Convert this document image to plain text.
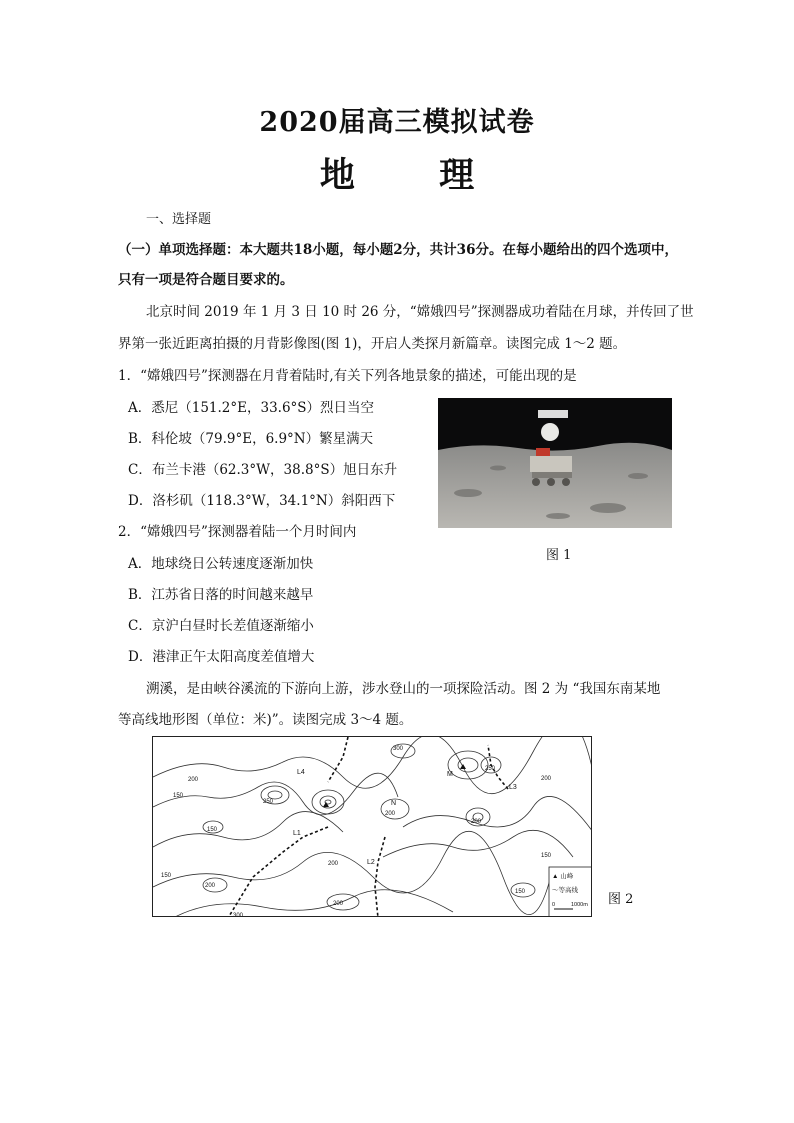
2020届高三模拟试卷
地 理
一、选择题
（一）单项选择题：本大题共18小题，每小题2分，共计36分。在每小题给出的四个选项中，
只有一项是符合题目要求的。
北京时间 2019 年 1 月 3 日 10 时 26 分，“嫦娥四号”探测器成功着陆在月球，并传回了世
界第一张近距离拍摄的月背影像图(图 1)，开启人类探月新篇章。读图完成 1～2 题。
1．“嫦娥四号”探测器在月背着陆时,有关下列各地景象的描述，可能出现的是
A．悉尼（151.2°E，33.6°S）烈日当空
B．科伦坡（79.9°E，6.9°N）繁星满天
C．布兰卡港（62.3°W，38.8°S）旭日东升
D．洛杉矶（118.3°W，34.1°N）斜阳西下
2．“嫦娥四号”探测器着陆一个月时间内
A．地球绕日公转速度逐渐加快
B．江苏省日落的时间越来越早
C．京沪白昼时长差值逐渐缩小
D．港津正午太阳高度差值增大
图 1
溯溪，是由峡谷溪流的下游向上游，涉水登山的一项探险活动。图 2 为 “我国东南某地
等高线地形图（单位：米)”。读图完成 3～4 题。
L1
L2
L3
L4	M
N
200
150
250
200
200
200
300
300
250
200
200
150
150
150
200
150	▲ 山峰
～等高线
0	1000m 图 2
